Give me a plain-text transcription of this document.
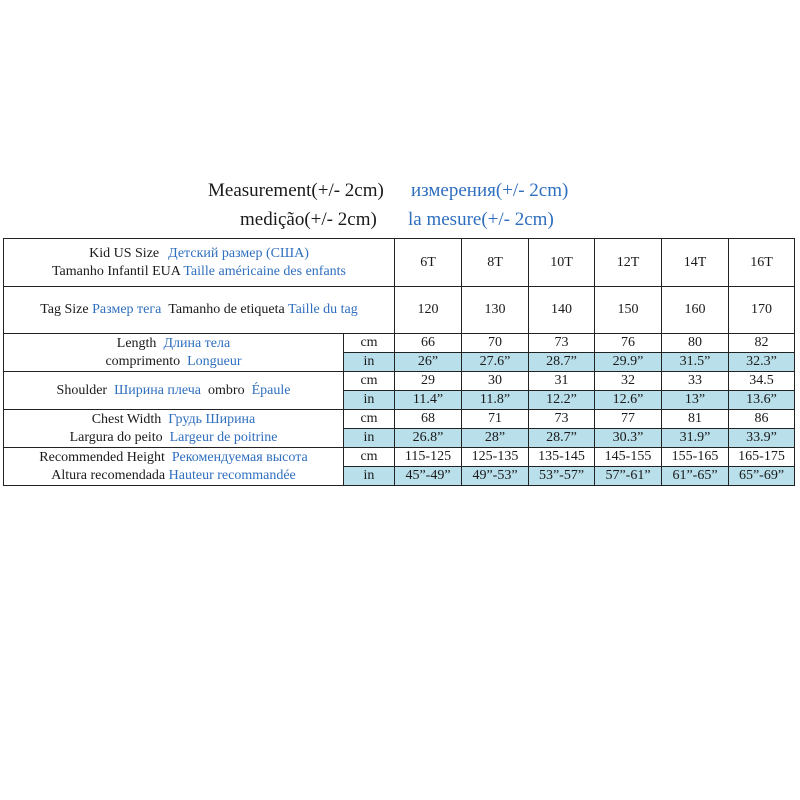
Measurement(+/- 2cm) измерения(+/- 2cm)
medição(+/- 2cm) la mesure(+/- 2cm)
Kid US Size Детский размер (США)
Tamanho Infantil EUA Taille américaine des enfants		6T	8T	10T	12T	14T	16T
Tag Size Размер тега Tamanho de etiqueta Taille du tag		120	130	140	150	160	170

Length Длина тела
comprimento Longueur	cm	66	70	73	76	80	82
	in	26”	27.6”	28.7”	29.9”	31.5”	32.3”
Shoulder Ширина плеча ombro Épaule	cm	29	30	31	32	33	34.5
	in	11.4”	11.8”	12.2”	12.6”	13”	13.6”

Chest Width Грудь Ширина
Largura do peito Largeur de poitrine	cm	68	71	73	77	81	86
	in	26.8”	28”	28.7”	30.3”	31.9”	33.9”

Recommended Height Рекомендуемая высота
Altura recomendada Hauteur recommandée	cm	115-125	125-135	135-145	145-155	155-165	165-175
	in	45”-49”	49”-53”	53”-57”	57”-61”	61”-65”	65”-69”
